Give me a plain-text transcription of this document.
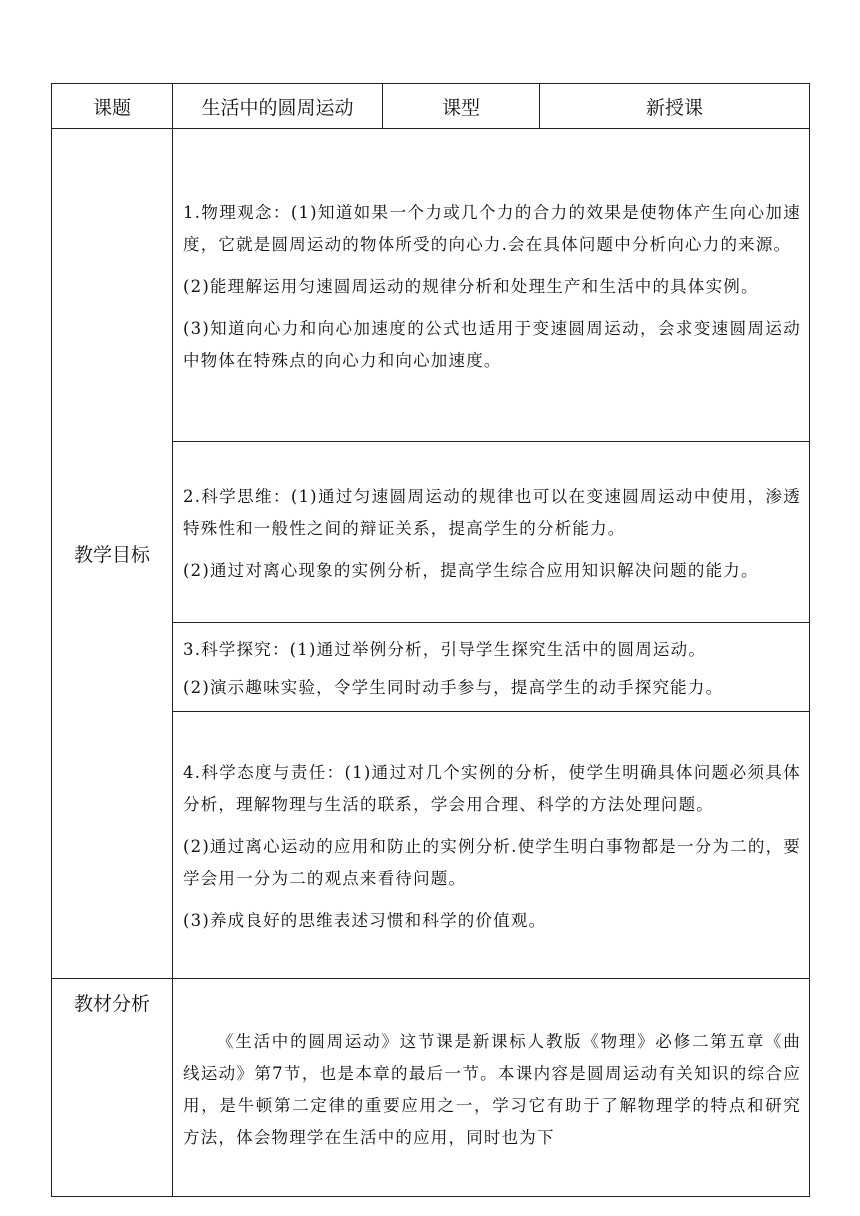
课题	生活中的圆周运动	课型	新授课
教学目标	1.物理观念：(1)知道如果一个力或几个力的合力的效果是使物体产生向心加速度，它就是圆周运动的物体所受的向心力.会在具体问题中分析向心力的来源。

(2)能理解运用匀速圆周运动的规律分析和处理生产和生活中的具体实例。

(3)知道向心力和向心加速度的公式也适用于变速圆周运动，会求变速圆周运动中物体在特殊点的向心力和向心加速度。		

	2.科学思维：(1)通过匀速圆周运动的规律也可以在变速圆周运动中使用，渗透特殊性和一般性之间的辩证关系，提高学生的分析能力。

(2)通过对离心现象的实例分析，提高学生综合应用知识解决问题的能力。		

	3.科学探究：(1)通过举例分析，引导学生探究生活中的圆周运动。

(2)演示趣味实验，令学生同时动手参与，提高学生的动手探究能力。		

	4.科学态度与责任：(1)通过对几个实例的分析，使学生明确具体问题必须具体分析，理解物理与生活的联系，学会用合理、科学的方法处理问题。

(2)通过离心运动的应用和防止的实例分析.使学生明白事物都是一分为二的，要学会用一分为二的观点来看待问题。

(3)养成良好的思维表述习惯和科学的价值观。		

教材分析	《生活中的圆周运动》这节课是新课标人教版《物理》必修二第五章《曲线运动》第7节，也是本章的最后一节。本课内容是圆周运动有关知识的综合应用，是牛顿第二定律的重要应用之一，学习它有助于了解物理学的特点和研究方法，体会物理学在生活中的应用，同时也为下		
